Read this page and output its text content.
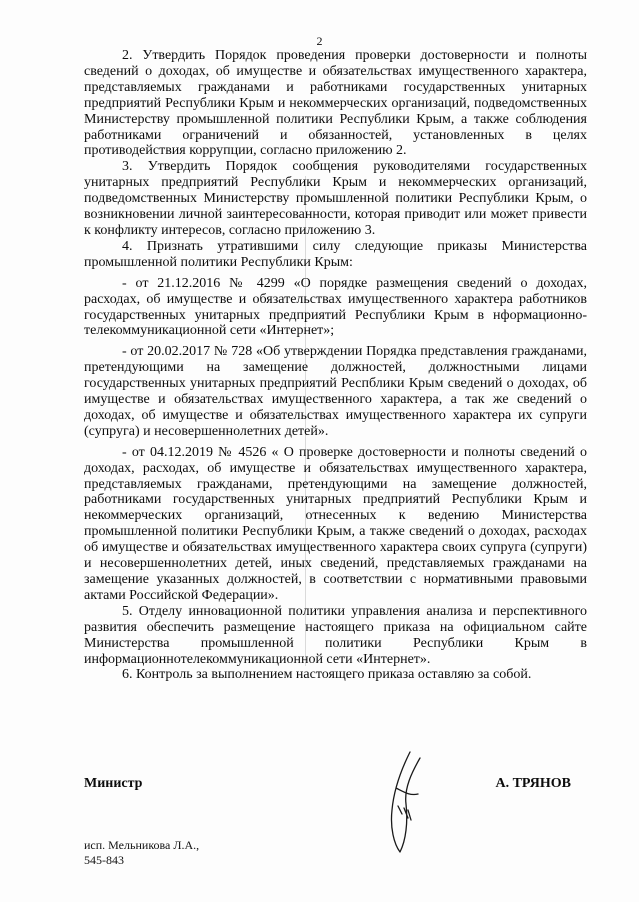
2

2. Утвердить Порядок проведения проверки достоверности и полноты сведений о доходах, об имуществе и обязательствах имущественного характера, представляемых гражданами и работниками государственных унитарных предприятий Республики Крым и некоммерческих организаций, подведомственных Министерству промышленной политики Республики Крым, а также соблюдения работниками ограничений и обязанностей, установленных в целях противодействия коррупции, согласно приложению 2.

3. Утвердить Порядок сообщения руководителями государственных унитарных предприятий Республики Крым и некоммерческих организаций, подведомственных Министерству промышленной политики Республики Крым, о возникновении личной заинтересованности, которая приводит или может привести к конфликту интересов, согласно приложению 3.

4. Признать утратившими силу следующие приказы Министерства промышленной политики Республики Крым:

- от 21.12.2016 № 4299 «О порядке размещения сведений о доходах, расходах, об имуществе и обязательствах имущественного характера работников государственных унитарных предприятий Республики Крым в нформационно-телекоммуникационной сети «Интернет»;

- от 20.02.2017 № 728 «Об утверждении Порядка представления гражданами, претендующими на замещение должностей, должностными лицами государственных унитарных предприятий Респблики Крым сведений о доходах, об имуществе и обязательствах имущественного характера, а так же сведений о доходах, об имуществе и обязательствах имущественного характера их супруги (супруга) и несовершеннолетних детей».

- от 04.12.2019 № 4526 « О проверке достоверности и полноты сведений о доходах, расходах, об имуществе и обязательствах имущественного характера, представляемых гражданами, претендующими на замещение должностей, работниками государственных унитарных предприятий Республики Крым и некоммерческих организаций, отнесенных к ведению Министерства промышленной политики Республики Крым, а также сведений о доходах, расходах об имуществе и обязательствах имущественного характера своих супруга (супруги) и несовершеннолетних детей, иных сведений, представляемых гражданами на замещение указанных должностей, в соответствии с нормативными правовыми актами Российской Федерации».

5. Отделу инновационной политики управления анализа и перспективного развития обеспечить размещение настоящего приказа на официальном сайте Министерства промышленной политики Республики Крым в информационнотелекоммуникационной сети «Интернет».

6. Контроль за выполнением настоящего приказа оставляю за собой.

Министр	А. ТРЯНОВ
исп. Мельникова Л.А.,
545-843
